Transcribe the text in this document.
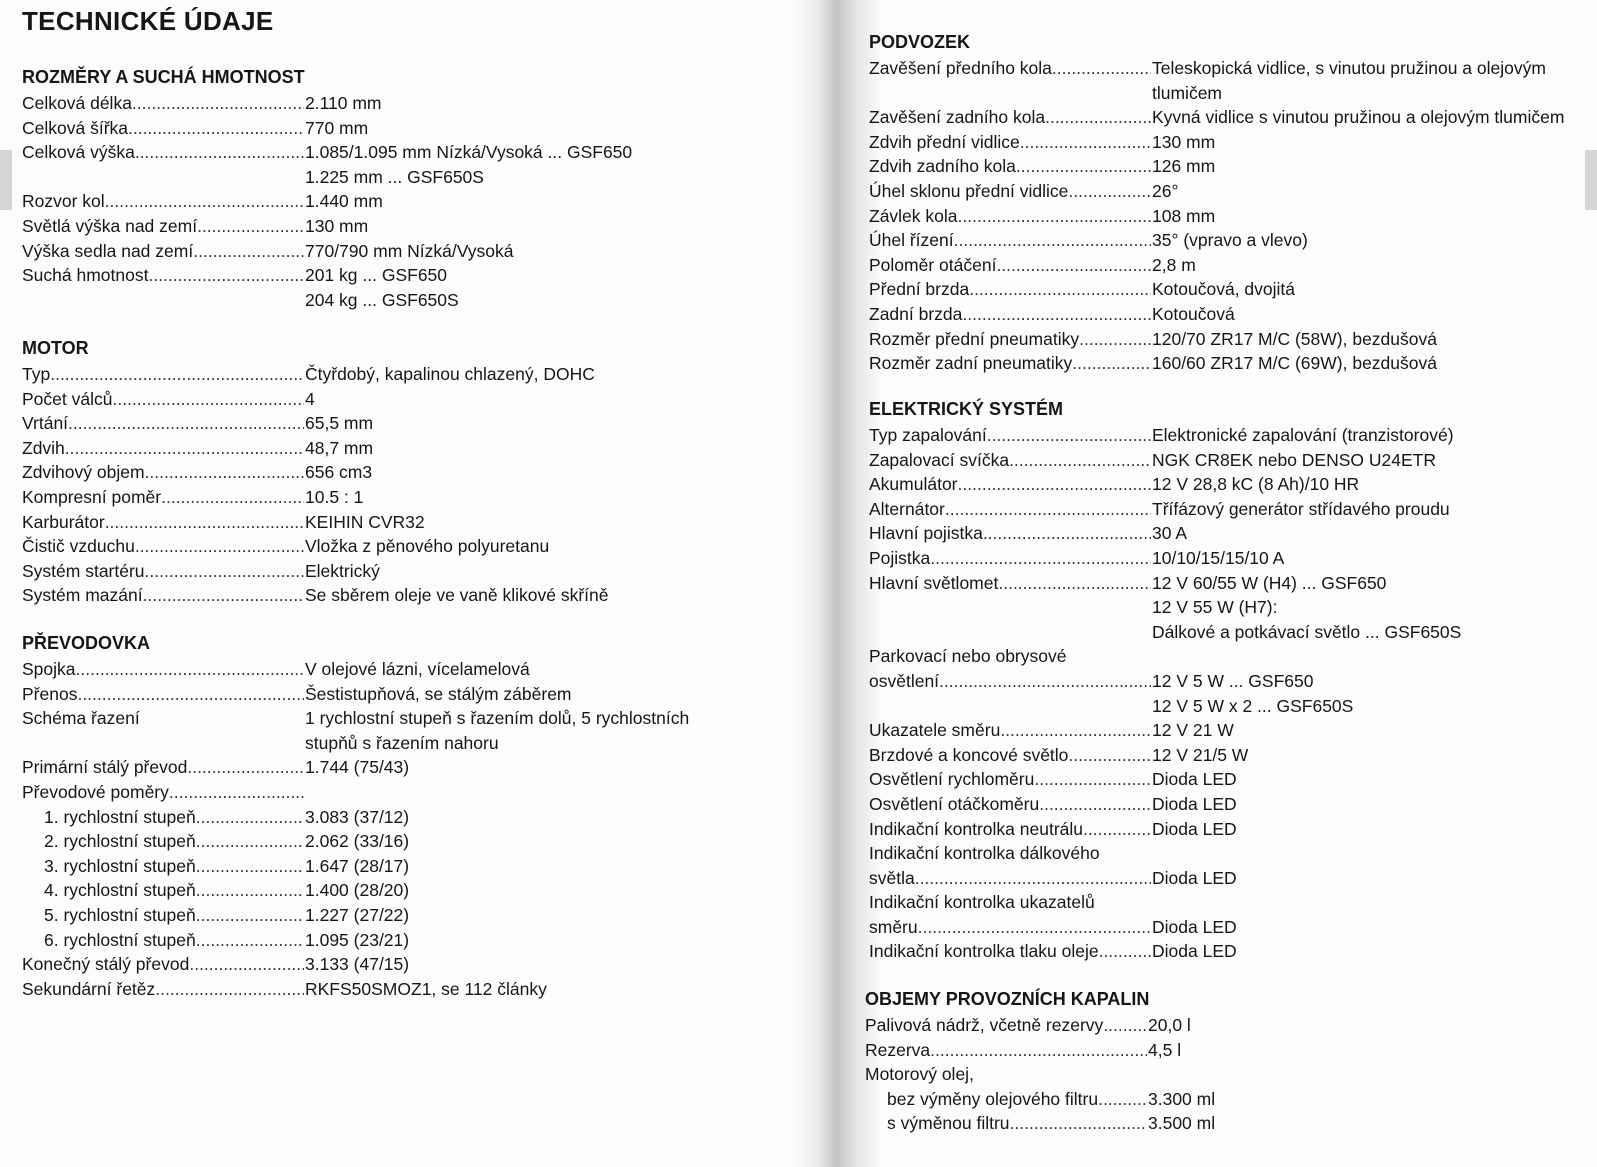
TECHNICKÉ ÚDAJE
ROZMĚRY A SUCHÁ HMOTNOST
Celková délka .....	2.110 mm
Celková šířka .....	770 mm
Celková výška .....	1.085/1.095 mm Nízká/Vysoká ... GSF650
1.225 mm ... GSF650S
Rozvor kol .....	1.440 mm
Světlá výška nad zemí .....	130 mm
Výška sedla nad zemí .....	770/790 mm Nízká/Vysoká
Suchá hmotnost .....	201 kg ... GSF650
204 kg ... GSF650S
MOTOR
Typ .....	Čtyřdobý, kapalinou chlazený, DOHC
Počet válců .....	4
Vrtání .....	65,5 mm
Zdvih .....	48,7 mm
Zdvihový objem .....	656 cm3
Kompresní poměr .....	10.5 : 1
Karburátor .....	KEIHIN CVR32
Čistič vzduchu .....	Vložka z pěnového polyuretanu
Systém startéru .....	Elektrický
Systém mazání .....	Se sběrem oleje ve vaně klikové skříně
PŘEVODOVKA
Spojka .....	V olejové lázni, vícelamelová
Přenos .....	Šestistupňová, se stálým záběrem
Schéma řazení	1 rychlostní stupeň s řazením dolů, 5 rychlostních
stupňů s řazením nahoru
Primární stálý převod .....	1.744 (75/43)
Převodové poměry
.....
1. rychlostní stupeň .....	3.083 (37/12)
2. rychlostní stupeň .....	2.062 (33/16)
3. rychlostní stupeň .....	1.647 (28/17)
4. rychlostní stupeň .....	1.400 (28/20)
5. rychlostní stupeň .....	1.227 (27/22)
6. rychlostní stupeň .....	1.095 (23/21)
Konečný stálý převod .....	3.133 (47/15)
Sekundární řetěz .....	RKFS50SMOZ1, se 112 články
PODVOZEK
Zavěšení předního kola .....	Teleskopická vidlice, s vinutou pružinou a olejovým
tlumičem
Zavěšení zadního kola .....	Kyvná vidlice s vinutou pružinou a olejovým tlumičem
Zdvih přední vidlice .....	130 mm
Zdvih zadního kola .....	126 mm
Úhel sklonu přední vidlice .....	26°
Závlek kola .....	108 mm
Úhel řízení .....	35° (vpravo a vlevo)
Poloměr otáčení .....	2,8 m
Přední brzda .....	Kotoučová, dvojitá
Zadní brzda .....	Kotoučová
Rozměr přední pneumatiky .....	120/70 ZR17 M/C (58W), bezdušová
Rozměr zadní pneumatiky .....	160/60 ZR17 M/C (69W), bezdušová
ELEKTRICKÝ SYSTÉM
Typ zapalování .....	Elektronické zapalování (tranzistorové)
Zapalovací svíčka .....	NGK CR8EK nebo DENSO U24ETR
Akumulátor .....	12 V 28,8 kC (8 Ah)/10 HR
Alternátor .....	Třífázový generátor střídavého proudu
Hlavní pojistka .....	30 A
Pojistka .....	10/10/15/15/10 A
Hlavní světlomet .....	12 V 60/55 W (H4) ... GSF650
12 V 55 W (H7):
Dálkové a potkávací světlo ... GSF650S
Parkovací nebo obrysové
osvětlení .....	12 V 5 W ... GSF650
12 V 5 W x 2 ... GSF650S
Ukazatele směru .....	12 V 21 W
Brzdové a koncové světlo .....	12 V 21/5 W
Osvětlení rychloměru .....	Dioda LED
Osvětlení otáčkoměru .....	Dioda LED
Indikační kontrolka neutrálu .....	Dioda LED
Indikační kontrolka dálkového
světla .....	Dioda LED
Indikační kontrolka ukazatelů
směru .....	Dioda LED
Indikační kontrolka tlaku oleje .....	Dioda LED
OBJEMY PROVOZNÍCH KAPALIN
Palivová nádrž, včetně rezervy .....	20,0 l
Rezerva .....	4,5 l
Motorový olej,
bez výměny olejového filtru .....	3.300 ml
s výměnou filtru .....	3.500 ml
